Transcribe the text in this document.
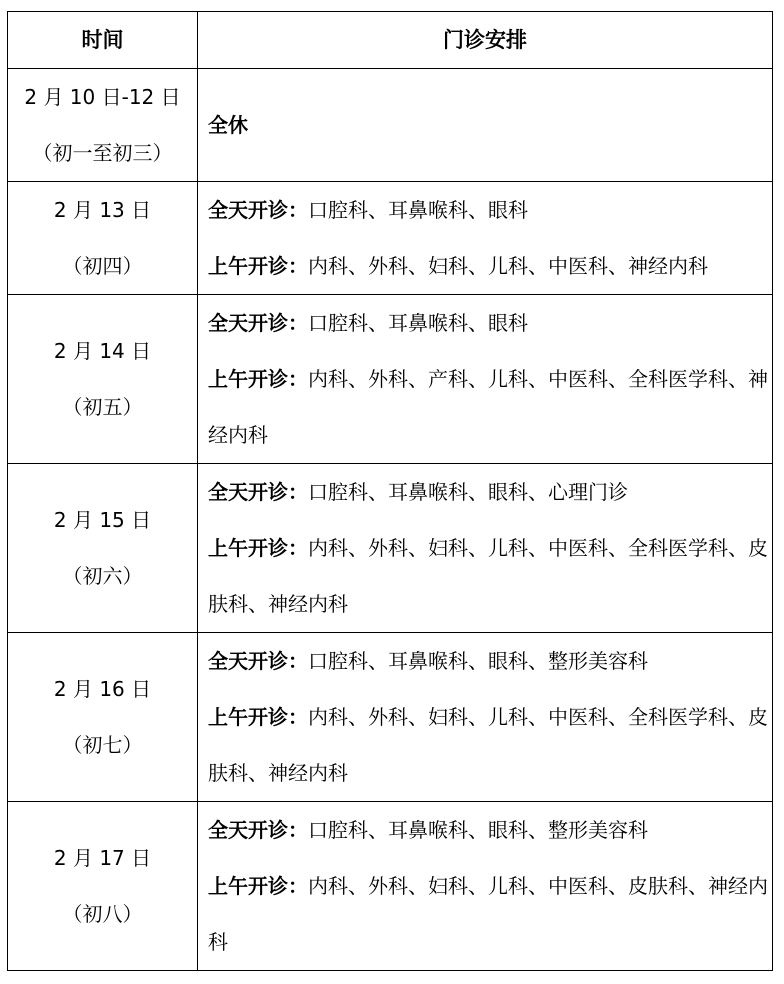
时间	门诊安排

2 月 10 日-12 日
（初一至初三）	全休

2 月 13 日
（初四）	全天开诊：口腔科、耳鼻喉科、眼科
上午开诊：内科、外科、妇科、儿科、中医科、神经内科

2 月 14 日
（初五）	全天开诊：口腔科、耳鼻喉科、眼科
上午开诊：内科、外科、产科、儿科、中医科、全科医学科、神经内科

2 月 15 日
（初六）	全天开诊：口腔科、耳鼻喉科、眼科、心理门诊
上午开诊：内科、外科、妇科、儿科、中医科、全科医学科、皮肤科、神经内科

2 月 16 日
（初七）	全天开诊：口腔科、耳鼻喉科、眼科、整形美容科
上午开诊：内科、外科、妇科、儿科、中医科、全科医学科、皮肤科、神经内科

2 月 17 日
（初八）	全天开诊：口腔科、耳鼻喉科、眼科、整形美容科
上午开诊：内科、外科、妇科、儿科、中医科、皮肤科、神经内科
